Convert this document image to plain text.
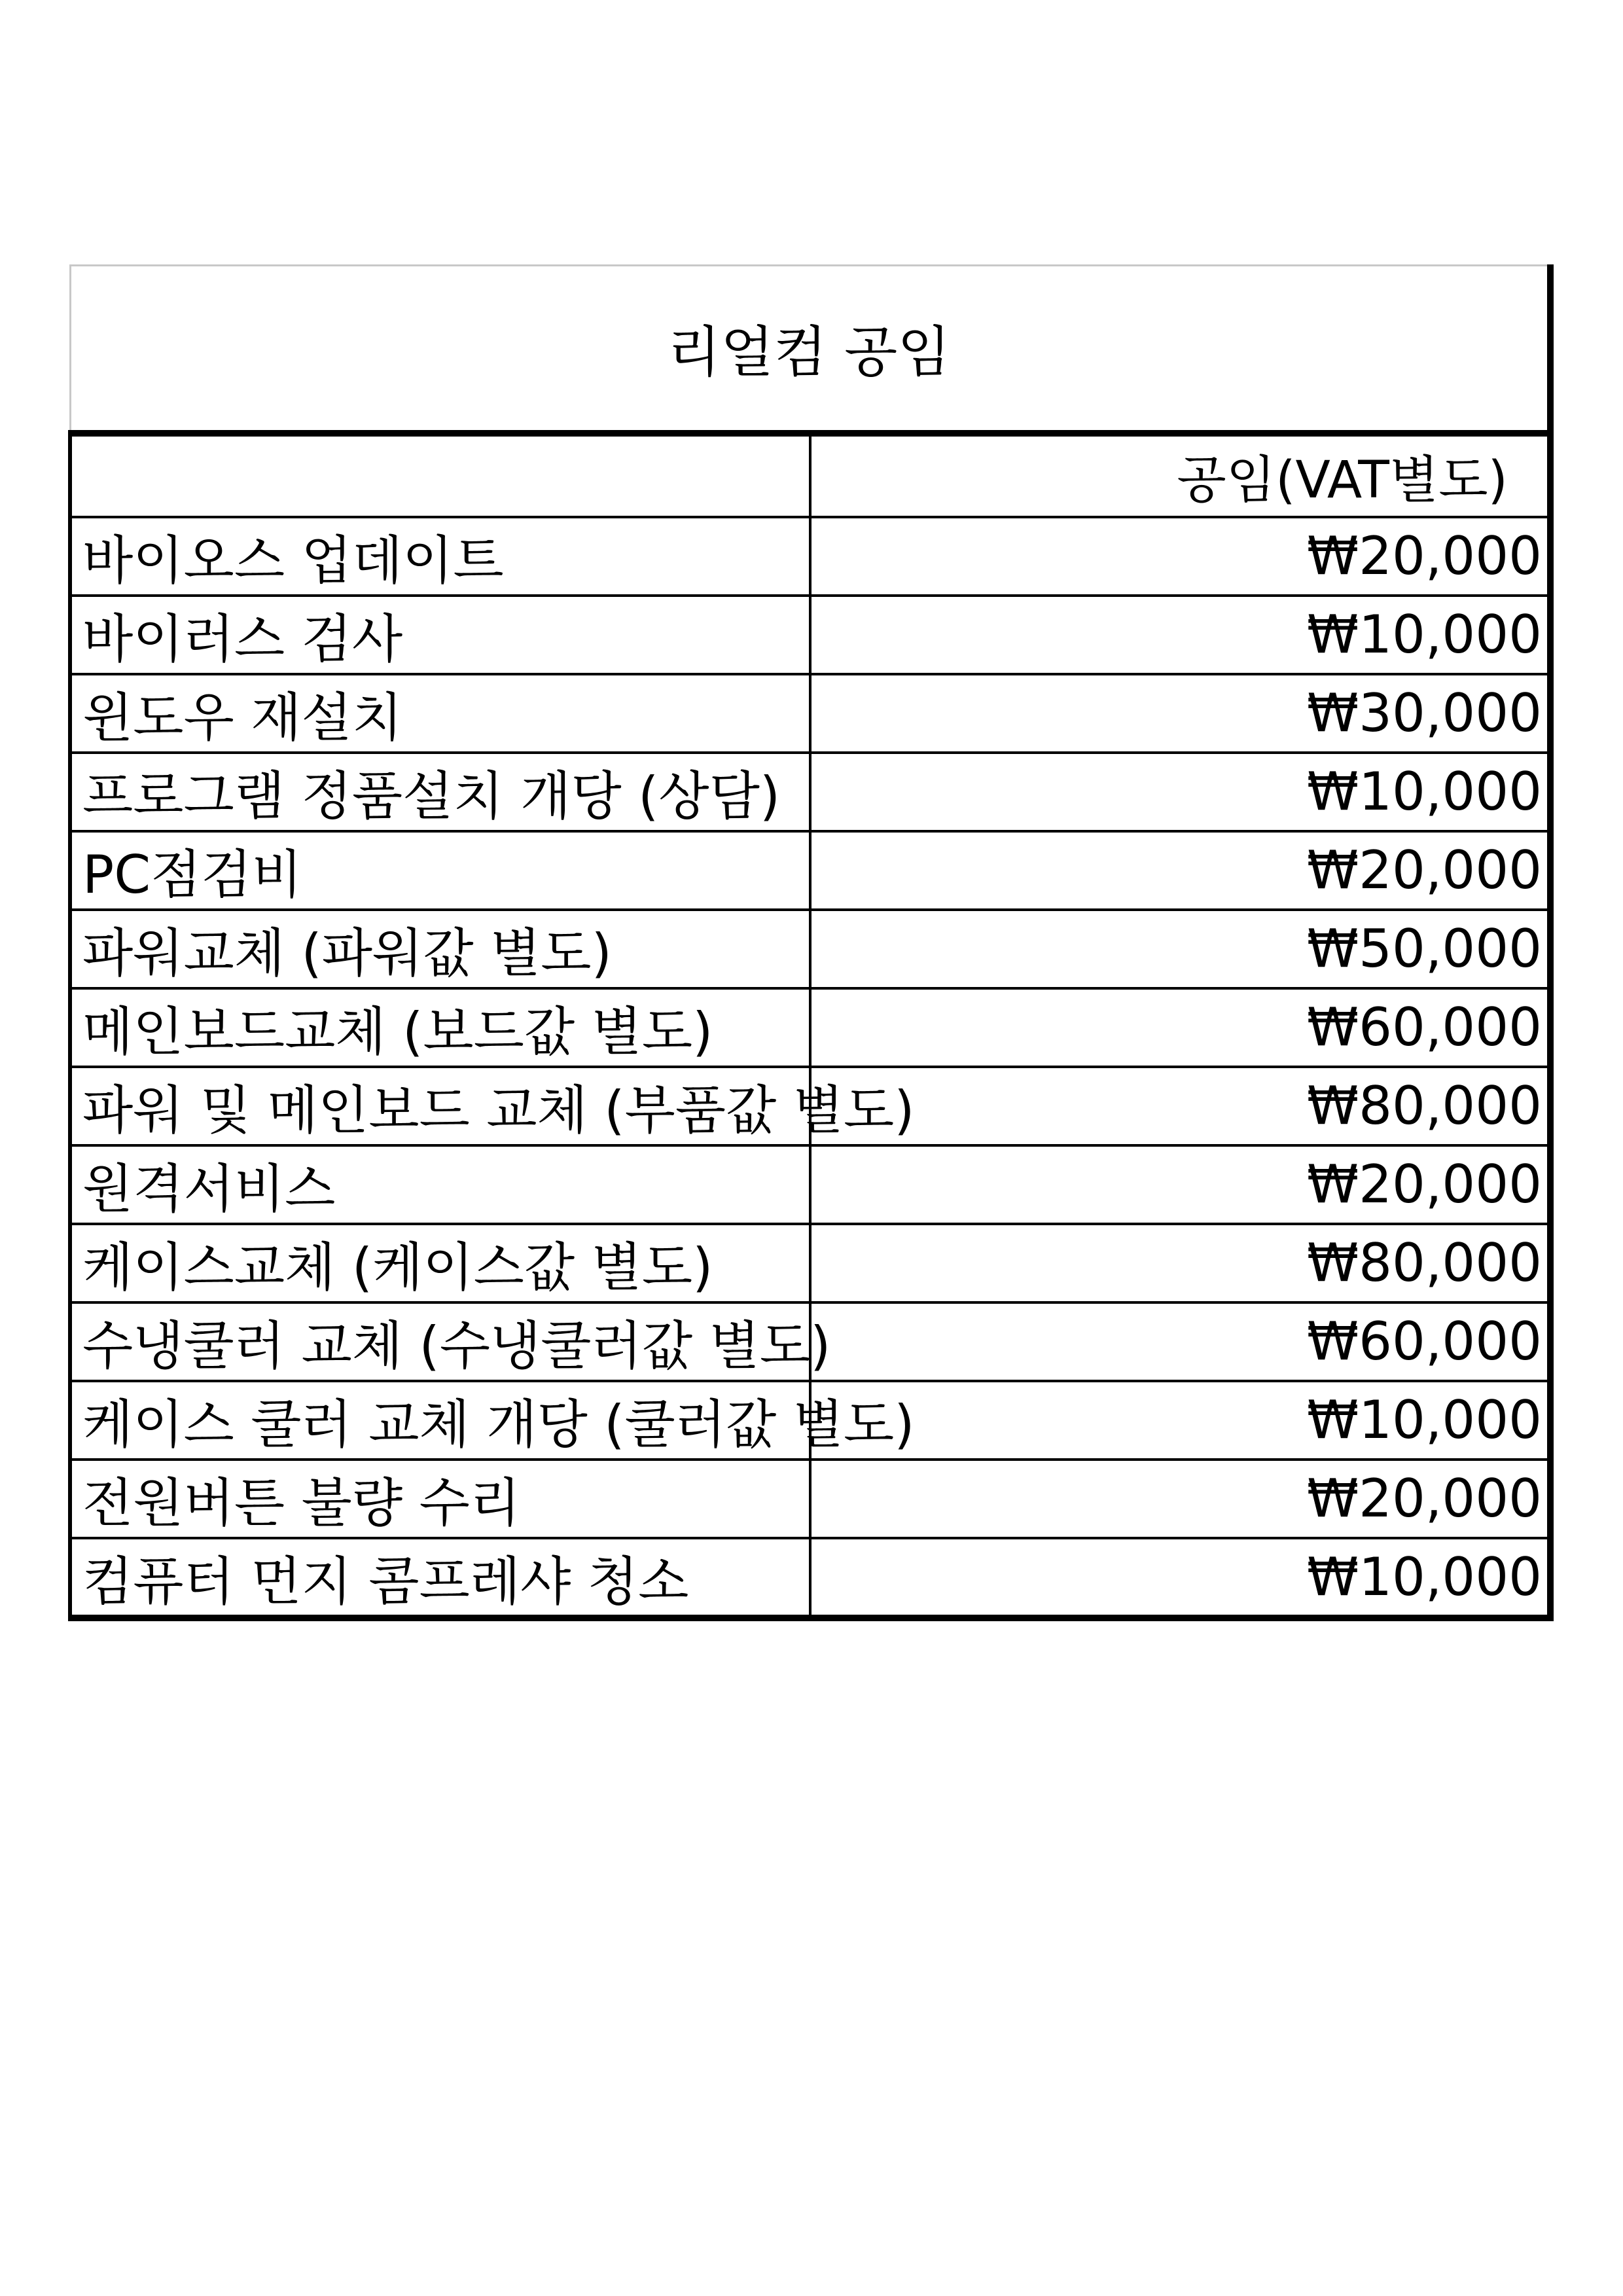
리얼컴 공임	
	공임(VAT별도)
바이오스 업데이트	₩20,000
바이러스 검사	₩10,000
윈도우 재설치	₩30,000
프로그램 정품설치 개당 (상담)	₩10,000
PC점검비	₩20,000
파워교체 (파워값 별도)	₩50,000
메인보드교체 (보드값 별도)	₩60,000
파워 및 메인보드 교체 (부품값 별도)	₩80,000
원격서비스	₩20,000
케이스교체 (케이스값 별도)	₩80,000
수냉쿨러 교체 (수냉쿨러값 별도)	₩60,000
케이스 쿨러 교체 개당 (쿨러값 별도)	₩10,000
전원버튼 불량 수리	₩20,000
컴퓨터 먼지 콤프레샤 청소	₩10,000
